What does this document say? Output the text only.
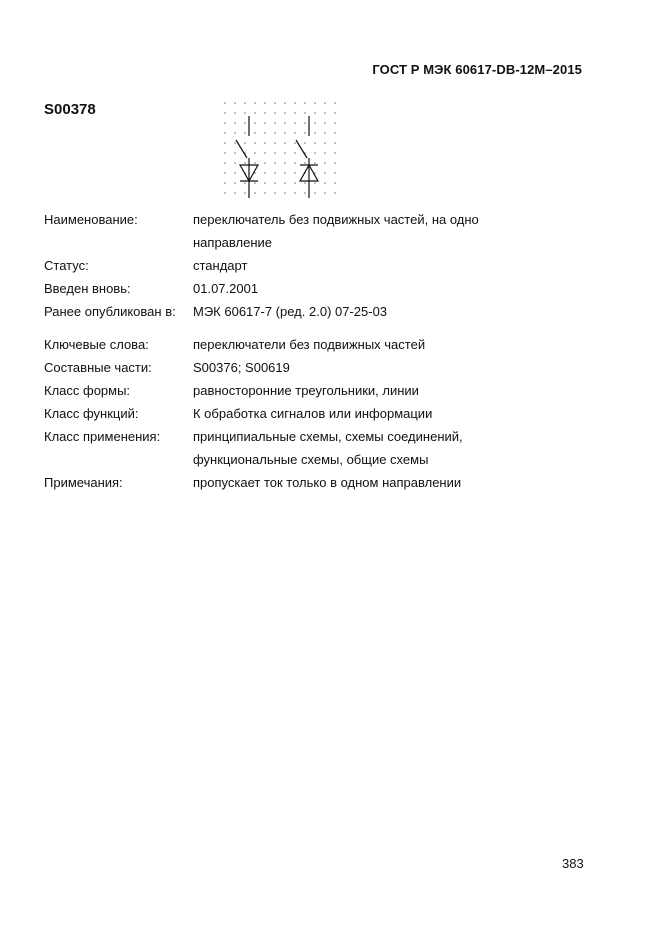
ГОСТ Р МЭК 60617-DB-12M–2015
S00378
Наименование:	переключатель без подвижных частей, на одно
направление
Статус:	стандарт
Введен вновь:	01.07.2001
Ранее опубликован в:	МЭК 60617-7 (ред. 2.0) 07-25-03
Ключевые слова:	переключатели без подвижных частей
Составные части:	S00376; S00619
Класс формы:	равносторонние треугольники, линии
Класс функций:	К обработка сигналов или информации
Класс применения:	принципиальные схемы, схемы соединений,
функциональные схемы, общие схемы
Примечания:	пропускает ток только в одном направлении
383
